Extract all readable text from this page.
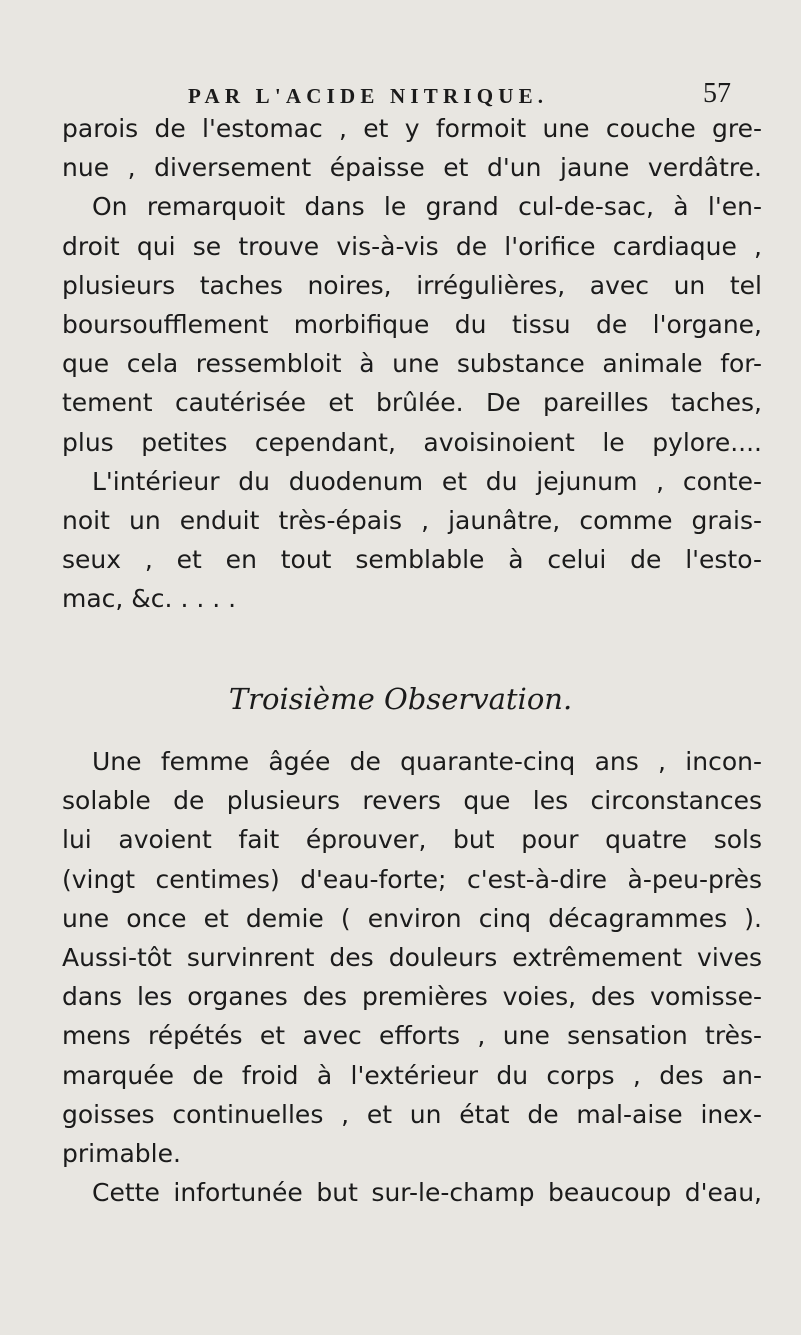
PAR L'ACIDE NITRIQUE.	57
parois de l'estomac , et y formoit une couche gre-
nue , diversement épaisse et d'un jaune verdâtre.
On remarquoit dans le grand cul-de-sac, à l'en-
droit qui se trouve vis-à-vis de l'orifice cardiaque ,
plusieurs taches noires, irrégulières, avec un tel
boursoufflement morbifique du tissu de l'organe,
que cela ressembloit à une substance animale for-
tement cautérisée et brûlée. De pareilles taches,
plus petites cependant, avoisinoient le pylore....
L'intérieur du duodenum et du jejunum , conte-
noit un enduit très-épais , jaunâtre, comme grais-
seux , et en tout semblable à celui de l'esto-
mac, &c. . . . .
Troisième Observation.
Une femme âgée de quarante-cinq ans , incon-
solable de plusieurs revers que les circonstances
lui avoient fait éprouver, but pour quatre sols
(vingt centimes) d'eau-forte; c'est-à-dire à-peu-près
une once et demie ( environ cinq décagrammes ).
Aussi-tôt survinrent des douleurs extrêmement vives
dans les organes des premières voies, des vomisse-
mens répétés et avec efforts , une sensation très-
marquée de froid à l'extérieur du corps , des an-
goisses continuelles , et un état de mal-aise inex-
primable.
Cette infortunée but sur-le-champ beaucoup d'eau,
